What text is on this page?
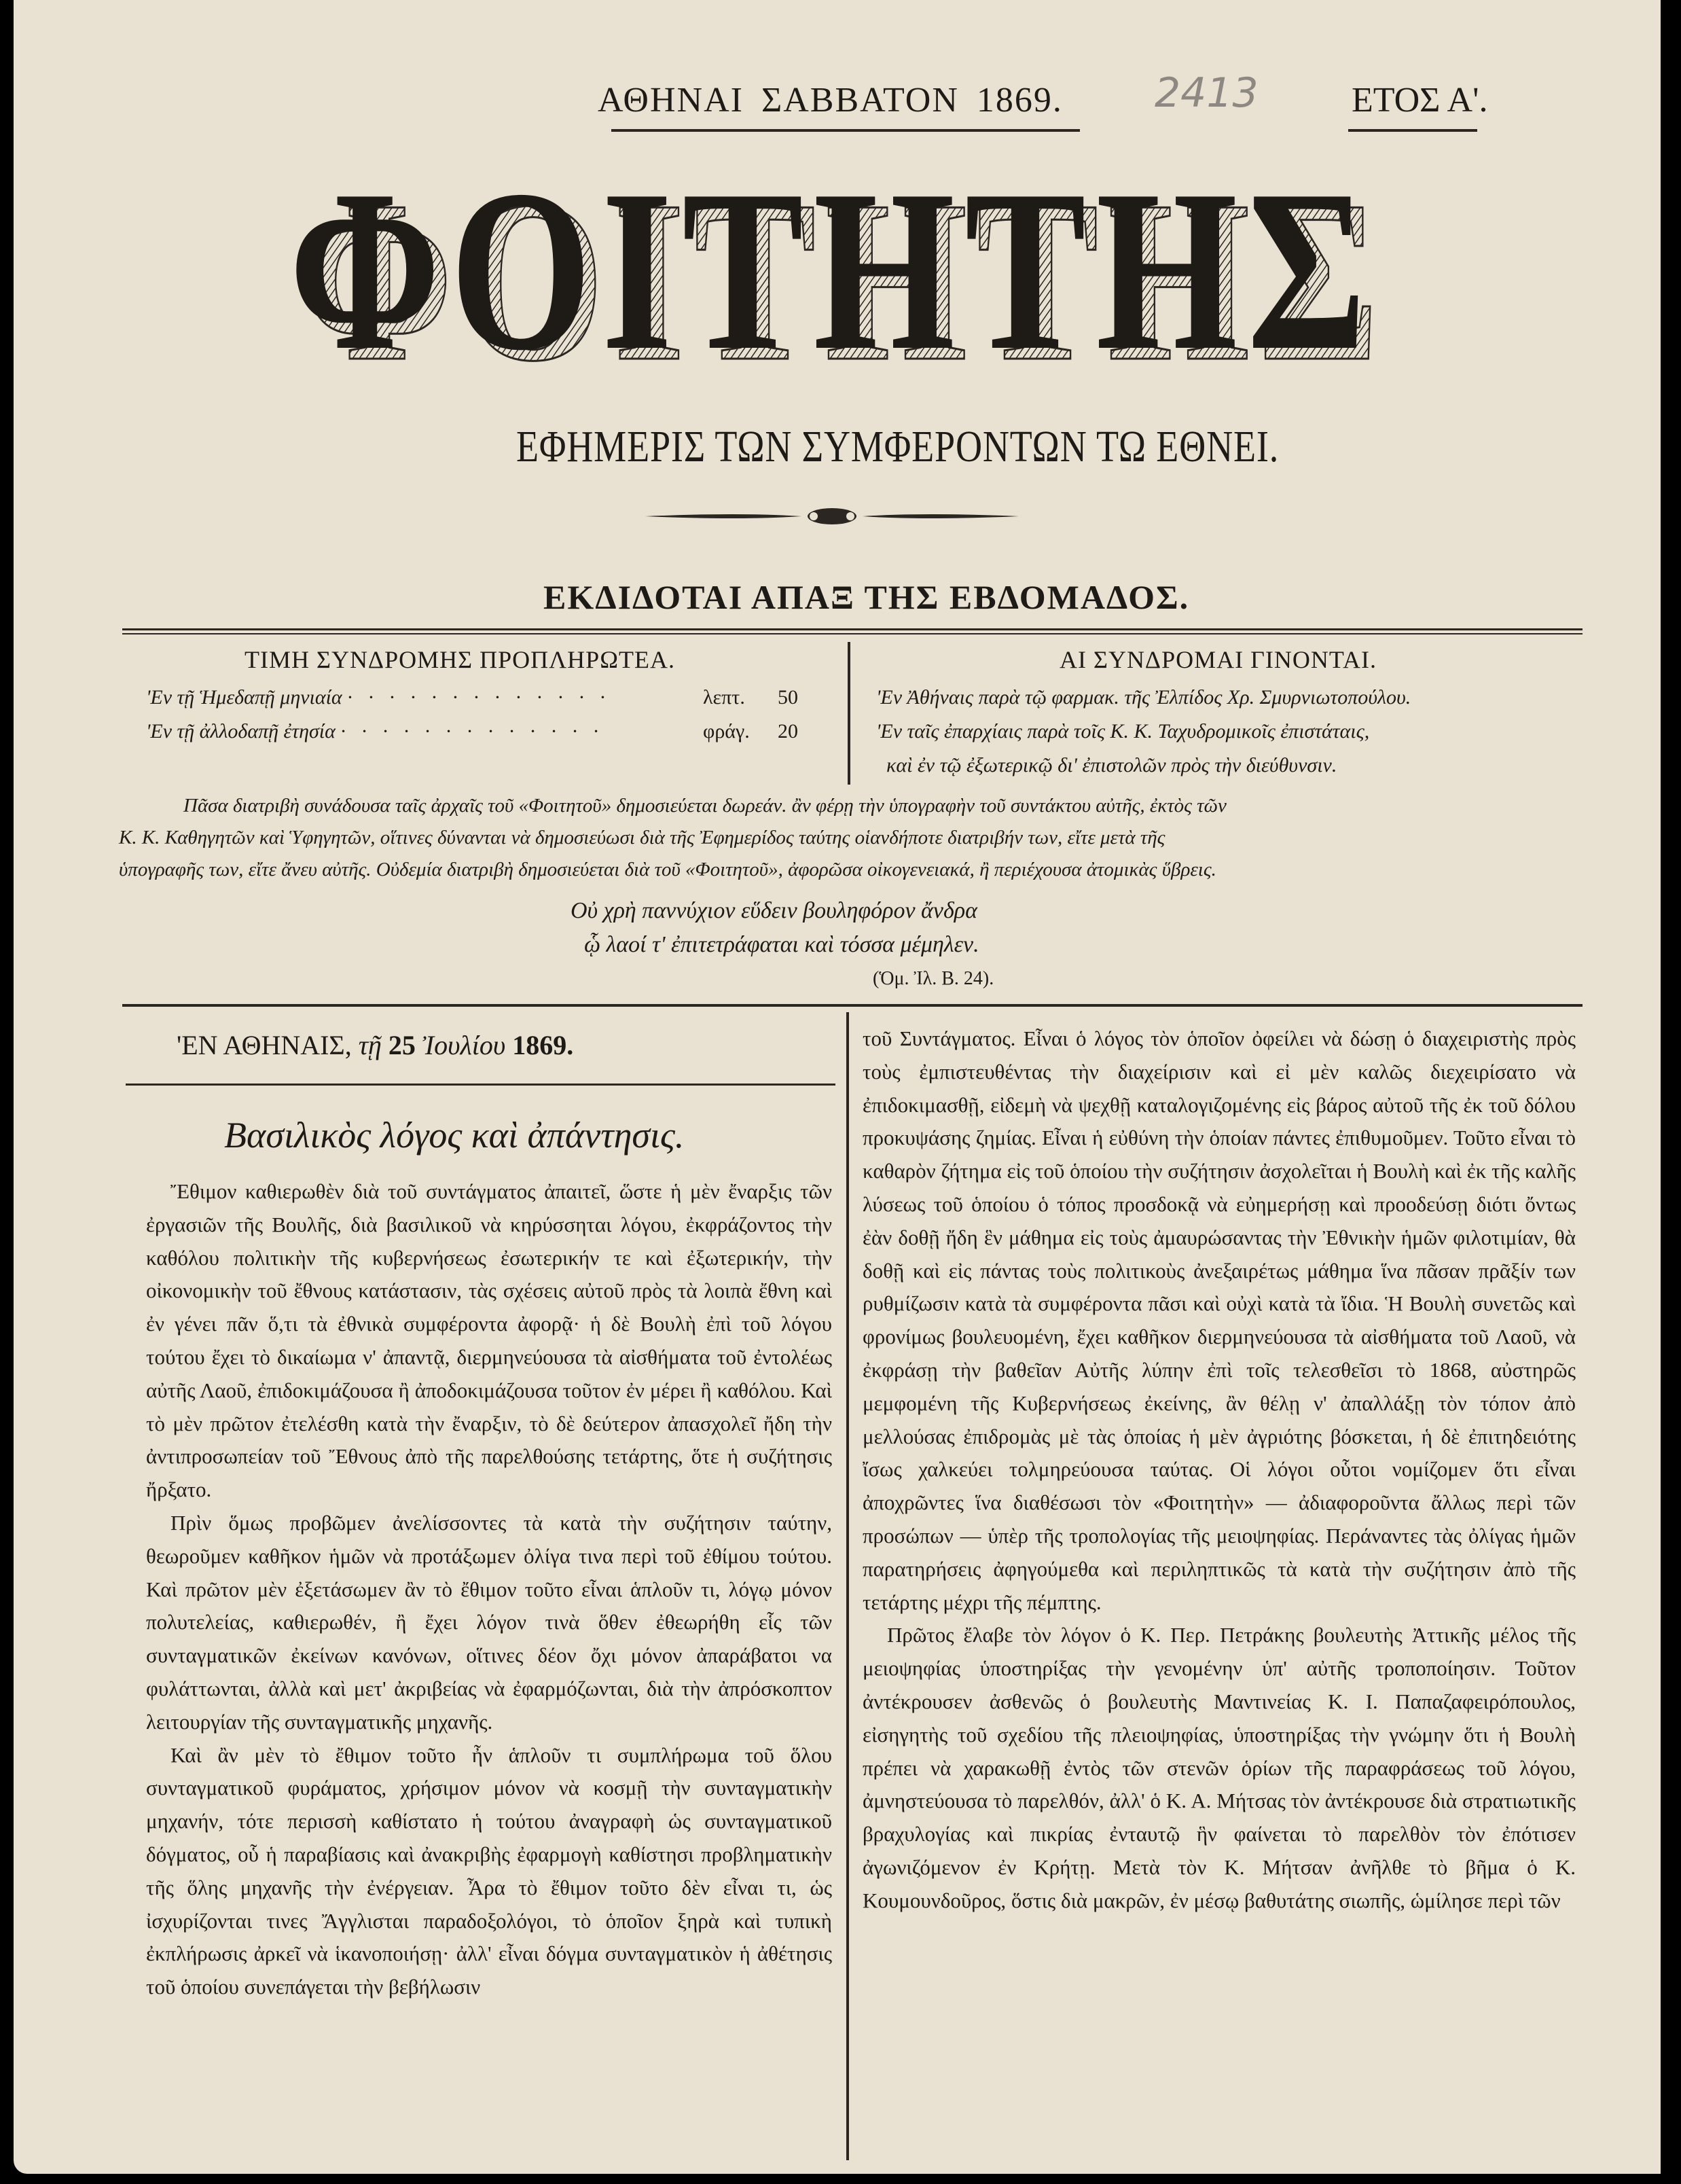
ΑΘΗΝΑΙ ΣΑΒΒΑΤΟΝ 1869.	2413	ΕΤΟΣ Α'.
ΦΟΙΤΗΤΗΣ
ΦΟΙΤΗΤΗΣ
ΕΦΗΜΕΡΙΣ ΤΩΝ ΣΥΜΦΕΡΟΝΤΩΝ ΤΩ ΕΘΝΕΙ.
ΕΚΔΙΔΟΤΑΙ ΑΠΑΞ ΤΗΣ ΕΒΔΟΜΑΔΟΣ.
ΤΙΜΗ ΣΥΝΔΡΟΜΗΣ ΠΡΟΠΛΗΡΩΤΕΑ.
'Εν τῇ Ἡμεδαπῇ μηνιαία · · · · · · · · · · · · ·	λεπτ. 50
'Εν τῇ ἀλλοδαπῇ ἐτησία · · · · · · · · · · · · ·	φράγ. 20
ΑΙ ΣΥΝΔΡΟΜΑΙ ΓΙΝΟΝΤΑΙ.
'Εν Ἀθήναις παρὰ τῷ φαρμακ. τῆς Ἐλπίδος Χρ. Σμυρνιωτοπούλου.
'Εν ταῖς ἐπαρχίαις παρὰ τοῖς Κ. Κ. Ταχυδρομικοῖς ἐπιστάταις,
καὶ ἐν τῷ ἐξωτερικῷ δι' ἐπιστολῶν πρὸς τὴν διεύθυνσιν.
Πᾶσα διατριβὴ συνάδουσα ταῖς ἀρχαῖς τοῦ «Φοιτητοῦ» δημοσιεύεται δωρεάν. ἂν φέρῃ τὴν ὑπογραφὴν τοῦ συντάκτου αὐτῆς, ἐκτὸς τῶν
Κ. Κ. Καθηγητῶν καὶ Ὑφηγητῶν, οἵτινες δύνανται νὰ δημοσιεύωσι διὰ τῆς Ἐφημερίδος ταύτης οἱανδήποτε διατριβήν των, εἴτε μετὰ τῆς
ὑπογραφῆς των, εἴτε ἄνευ αὐτῆς. Οὐδεμία διατριβὴ δημοσιεύεται διὰ τοῦ «Φοιτητοῦ», ἀφορῶσα οἰκογενειακά, ἢ περιέχουσα ἀτομικὰς ὕβρεις.
Οὐ χρὴ παννύχιον εὕδειν βουληφόρον ἄνδρα
ᾧ λαοί τ' ἐπιτετράφαται καὶ τόσσα μέμηλεν.
(Ὁμ. Ἰλ. Β. 24).
'ΕΝ ΑΘΗΝΑΙΣ, τῇ 25 Ἰουλίου 1869.
Βασιλικὸς λόγος καὶ ἀπάντησις.

Ἔθιμον καθιερωθὲν διὰ τοῦ συντάγματος ἀπαιτεῖ, ὥστε ἡ μὲν ἔναρξις τῶν ἐργασιῶν τῆς Βουλῆς, διὰ βασιλικοῦ νὰ κηρύσσηται λόγου, ἐκφράζοντος τὴν καθόλου πολιτικὴν τῆς κυβερνήσεως ἐσωτερικήν τε καὶ ἐξωτερικήν, τὴν οἰκονομικὴν τοῦ ἔθνους κατάστασιν, τὰς σχέσεις αὐτοῦ πρὸς τὰ λοιπὰ ἔθνη καὶ ἐν γένει πᾶν ὅ,τι τὰ ἐθνικὰ συμφέροντα ἀφορᾷ· ἡ δὲ Βουλὴ ἐπὶ τοῦ λόγου τούτου ἔχει τὸ δικαίωμα ν' ἀπαντᾷ, διερμηνεύουσα τὰ αἰσθήματα τοῦ ἐντολέως αὐτῆς Λαοῦ, ἐπιδοκιμάζουσα ἢ ἀποδοκιμάζουσα τοῦτον ἐν μέρει ἢ καθόλου. Καὶ τὸ μὲν πρῶτον ἐτελέσθη κατὰ τὴν ἔναρξιν, τὸ δὲ δεύτερον ἀπασχολεῖ ἤδη τὴν ἀντιπροσωπείαν τοῦ Ἔθνους ἀπὸ τῆς παρελθούσης τετάρτης, ὅτε ἡ συζήτησις ἤρξατο.

Πρὶν ὅμως προβῶμεν ἀνελίσσοντες τὰ κατὰ τὴν συζήτησιν ταύτην, θεωροῦμεν καθῆκον ἡμῶν νὰ προτάξωμεν ὀλίγα τινα περὶ τοῦ ἐθίμου τούτου. Καὶ πρῶτον μὲν ἐξετάσωμεν ἂν τὸ ἔθιμον τοῦτο εἶναι ἁπλοῦν τι, λόγῳ μόνον πολυτελείας, καθιερωθέν, ἢ ἔχει λόγον τινὰ ὅθεν ἐθεωρήθη εἷς τῶν συνταγματικῶν ἐκείνων κανόνων, οἵτινες δέον ὄχι μόνον ἀπαράβατοι να φυλάττωνται, ἀλλὰ καὶ μετ' ἀκριβείας νὰ ἐφαρμόζωνται, διὰ τὴν ἀπρόσκοπτον λειτουργίαν τῆς συνταγματικῆς μηχανῆς.

Καὶ ἂν μὲν τὸ ἔθιμον τοῦτο ἦν ἁπλοῦν τι συμπλήρωμα τοῦ ὅλου συνταγματικοῦ φυράματος, χρήσιμον μόνον νὰ κοσμῇ τὴν συνταγματικὴν μηχανήν, τότε περισσὴ καθίστατο ἡ τούτου ἀναγραφὴ ὡς συνταγματικοῦ δόγματος, οὗ ἡ παραβίασις καὶ ἀνακριβὴς ἐφαρμογὴ καθίστησι προβληματικὴν τῆς ὅλης μηχανῆς τὴν ἐνέργειαν. Ἆρα τὸ ἔθιμον τοῦτο δὲν εἶναι τι, ὡς ἰσχυρίζονται τινες Ἄγγλισται παραδοξολόγοι, τὸ ὁποῖον ξηρὰ καὶ τυπικὴ ἐκπλήρωσις ἀρκεῖ νὰ ἱκανοποιήσῃ· ἀλλ' εἶναι δόγμα συνταγματικὸν ἡ ἀθέτησις τοῦ ὁποίου συνεπάγεται τὴν βεβήλωσιν

τοῦ Συντάγματος. Εἶναι ὁ λόγος τὸν ὁποῖον ὀφείλει νὰ δώσῃ ὁ διαχειριστὴς πρὸς τοὺς ἐμπιστευθέντας τὴν διαχείρισιν καὶ εἰ μὲν καλῶς διεχειρίσατο νὰ ἐπιδοκιμασθῇ, εἰδεμὴ νὰ ψεχθῇ καταλογιζομένης εἰς βάρος αὐτοῦ τῆς ἐκ τοῦ δόλου προκυψάσης ζημίας. Εἶναι ἡ εὐθύνη τὴν ὁποίαν πάντες ἐπιθυμοῦμεν. Τοῦτο εἶναι τὸ καθαρὸν ζήτημα εἰς τοῦ ὁποίου τὴν συζήτησιν ἀσχολεῖται ἡ Βουλὴ καὶ ἐκ τῆς καλῆς λύσεως τοῦ ὁποίου ὁ τόπος προσδοκᾷ νὰ εὐημερήσῃ καὶ προοδεύσῃ διότι ὄντως ἐὰν δοθῇ ἤδη ἓν μάθημα εἰς τοὺς ἀμαυρώσαντας τὴν Ἐθνικὴν ἡμῶν φιλοτιμίαν, θὰ δοθῇ καὶ εἰς πάντας τοὺς πολιτικοὺς ἀνεξαιρέτως μάθημα ἵνα πᾶσαν πρᾶξίν των ρυθμίζωσιν κατὰ τὰ συμφέροντα πᾶσι καὶ οὐχὶ κατὰ τὰ ἴδια. Ἡ Βουλὴ συνετῶς καὶ φρονίμως βουλευομένη, ἔχει καθῆκον διερμηνεύουσα τὰ αἰσθήματα τοῦ Λαοῦ, νὰ ἐκφράσῃ τὴν βαθεῖαν Αὐτῆς λύπην ἐπὶ τοῖς τελεσθεῖσι τὸ 1868, αὐστηρῶς μεμφομένη τῆς Κυβερνήσεως ἐκείνης, ἂν θέλῃ ν' ἀπαλλάξῃ τὸν τόπον ἀπὸ μελλούσας ἐπιδρομὰς μὲ τὰς ὁποίας ἡ μὲν ἀγριότης βόσκεται, ἡ δὲ ἐπιτηδειότης ἴσως χαλκεύει τολμηρεύουσα ταύτας. Οἱ λόγοι οὗτοι νομίζομεν ὅτι εἶναι ἀποχρῶντες ἵνα διαθέσωσι τὸν «Φοιτητὴν» — ἀδιαφοροῦντα ἄλλως περὶ τῶν προσώπων — ὑπὲρ τῆς τροπολογίας τῆς μειοψηφίας. Περάναντες τὰς ὀλίγας ἡμῶν παρατηρήσεις ἀφηγούμεθα καὶ περιληπτικῶς τὰ κατὰ τὴν συζήτησιν ἀπὸ τῆς τετάρτης μέχρι τῆς πέμπτης.

Πρῶτος ἔλαβε τὸν λόγον ὁ Κ. Περ. Πετράκης βουλευτὴς Ἀττικῆς μέλος τῆς μειοψηφίας ὑποστηρίξας τὴν γενομένην ὑπ' αὐτῆς τροποποίησιν. Τοῦτον ἀντέκρουσεν ἀσθενῶς ὁ βουλευτὴς Μαντινείας Κ. Ι. Παπαζαφειρόπουλος, εἰσηγητὴς τοῦ σχεδίου τῆς πλειοψηφίας, ὑποστηρίξας τὴν γνώμην ὅτι ἡ Βουλὴ πρέπει νὰ χαρακωθῇ ἐντὸς τῶν στενῶν ὁρίων τῆς παραφράσεως τοῦ λόγου, ἀμνηστεύουσα τὸ παρελθόν, ἀλλ' ὁ Κ. Α. Μήτσας τὸν ἀντέκρουσε διὰ στρατιωτικῆς βραχυλογίας καὶ πικρίας ἐνταυτῷ ἣν φαίνεται τὸ παρελθὸν τὸν ἐπότισεν ἀγωνιζόμενον ἐν Κρήτῃ. Μετὰ τὸν Κ. Μήτσαν ἀνῆλθε τὸ βῆμα ὁ Κ. Κουμουνδοῦρος, ὅστις διὰ μακρῶν, ἐν μέσῳ βαθυτάτης σιωπῆς, ὡμίλησε περὶ τῶν
